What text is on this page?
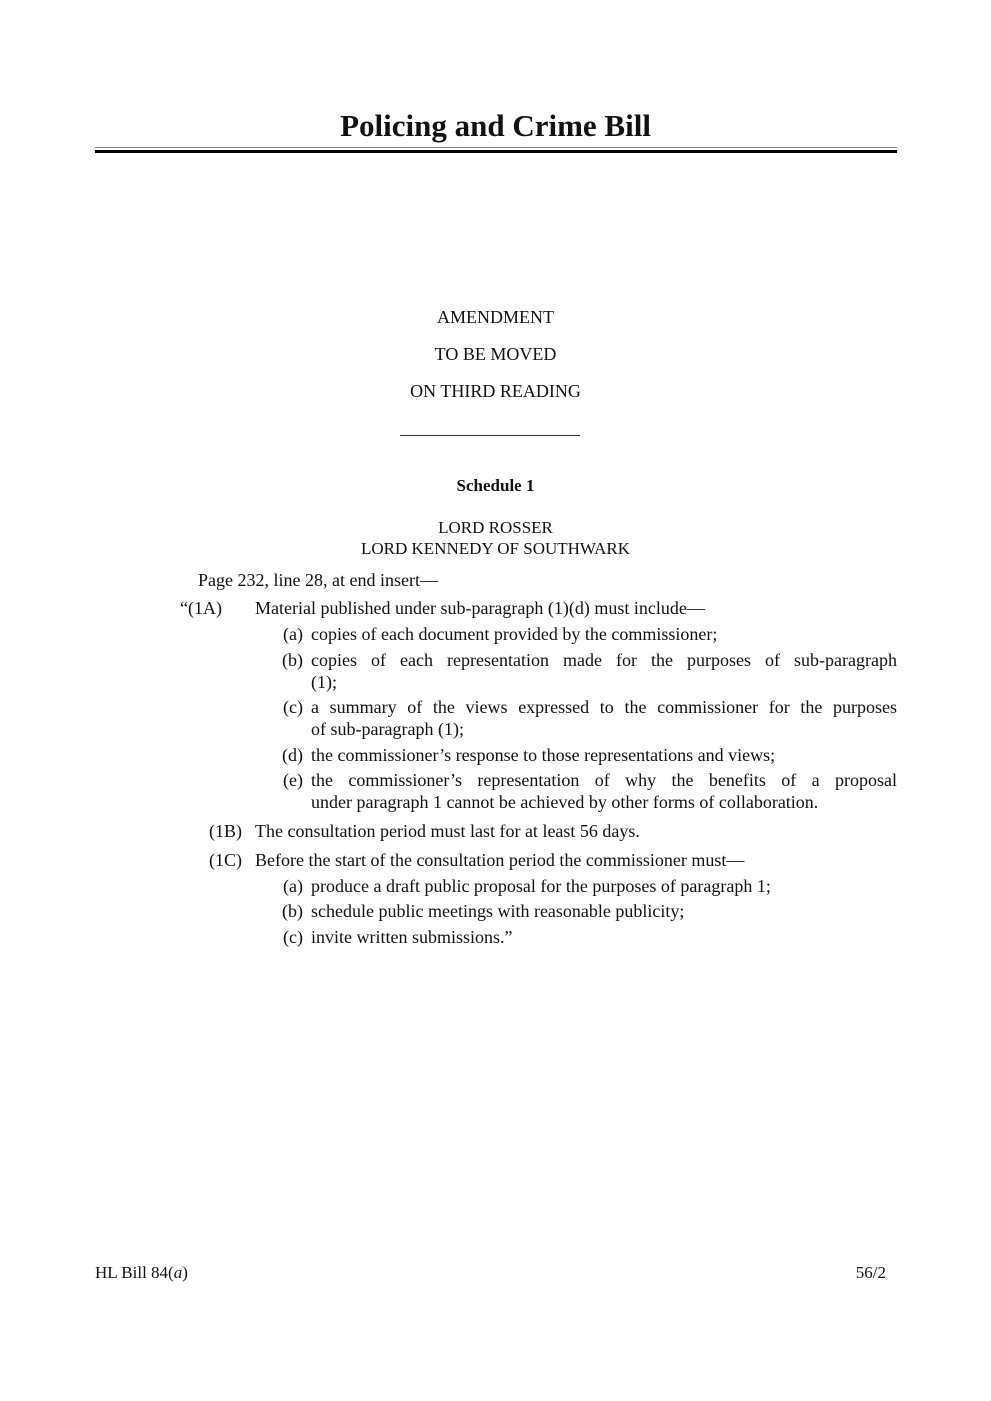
Policing and Crime Bill
AMENDMENT
TO BE MOVED
ON THIRD READING
Schedule 1
LORD ROSSER
LORD KENNEDY OF SOUTHWARK
Page 232, line 28, at end insert—
“(1A)	Material published under sub-paragraph (1)(d) must include—
(a) copies of each document provided by the commissioner;
(b) copies of each representation made for the purposes of sub-paragraph
(1);
(c) a summary of the views expressed to the commissioner for the purposes
of sub-paragraph (1);
(d) the commissioner’s response to those representations and views;
(e) the commissioner’s representation of why the benefits of a proposal
under paragraph 1 cannot be achieved by other forms of collaboration.
(1B) The consultation period must last for at least 56 days.
(1C) Before the start of the consultation period the commissioner must—
(a) produce a draft public proposal for the purposes of paragraph 1;
(b) schedule public meetings with reasonable publicity;
(c) invite written submissions.”
HL Bill 84(a)	56/2
